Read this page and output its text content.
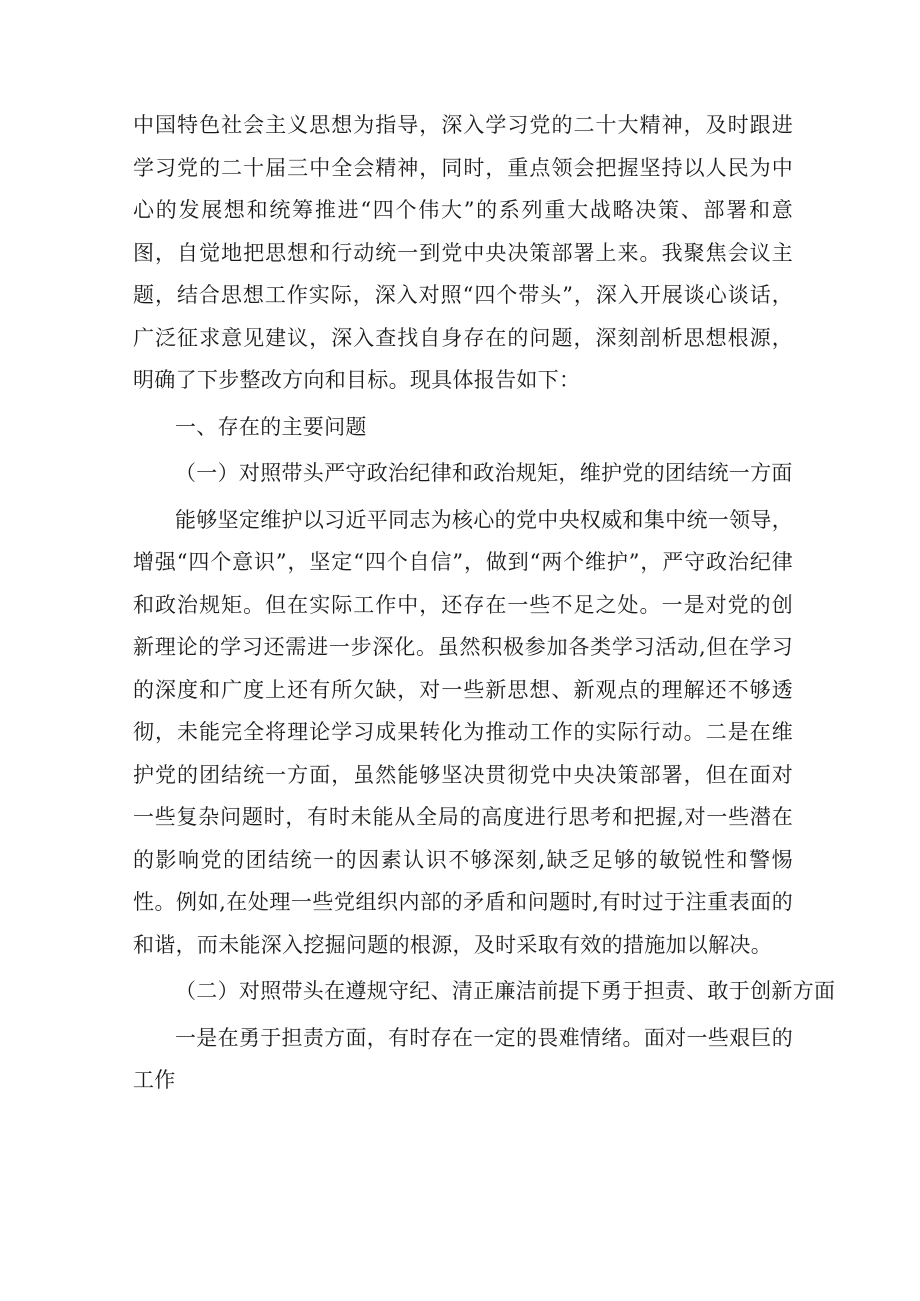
中国特色社会主义思想为指导，深入学习党的二十大精神，及时跟进学习党的二十届三中全会精神，同时，重点领会把握坚持以人民为中心的发展想和统筹推进“四个伟大”的系列重大战略决策、部署和意图，自觉地把思想和行动统一到党中央决策部署上来。我聚焦会议主题，结合思想工作实际，深入对照“四个带头”，深入开展谈心谈话，广泛征求意见建议，深入查找自身存在的问题，深刻剖析思想根源，明确了下步整改方向和目标。现具体报告如下：

一、存在的主要问题

（一）对照带头严守政治纪律和政治规矩，维护党的团结统一方面

能够坚定维护以习近平同志为核心的党中央权威和集中统一领导，增强“四个意识”，坚定“四个自信”，做到“两个维护”，严守政治纪律和政治规矩。但在实际工作中，还存在一些不足之处。一是对党的创新理论的学习还需进一步深化。虽然积极参加各类学习活动,但在学习的深度和广度上还有所欠缺，对一些新思想、新观点的理解还不够透彻，未能完全将理论学习成果转化为推动工作的实际行动。二是在维护党的团结统一方面，虽然能够坚决贯彻党中央决策部署，但在面对一些复杂问题时，有时未能从全局的高度进行思考和把握,对一些潜在的影响党的团结统一的因素认识不够深刻,缺乏足够的敏锐性和警惕性。例如,在处理一些党组织内部的矛盾和问题时,有时过于注重表面的和谐，而未能深入挖掘问题的根源，及时采取有效的措施加以解决。

（二）对照带头在遵规守纪、清正廉洁前提下勇于担责、敢于创新方面

一是在勇于担责方面，有时存在一定的畏难情绪。面对一些艰巨的工作
